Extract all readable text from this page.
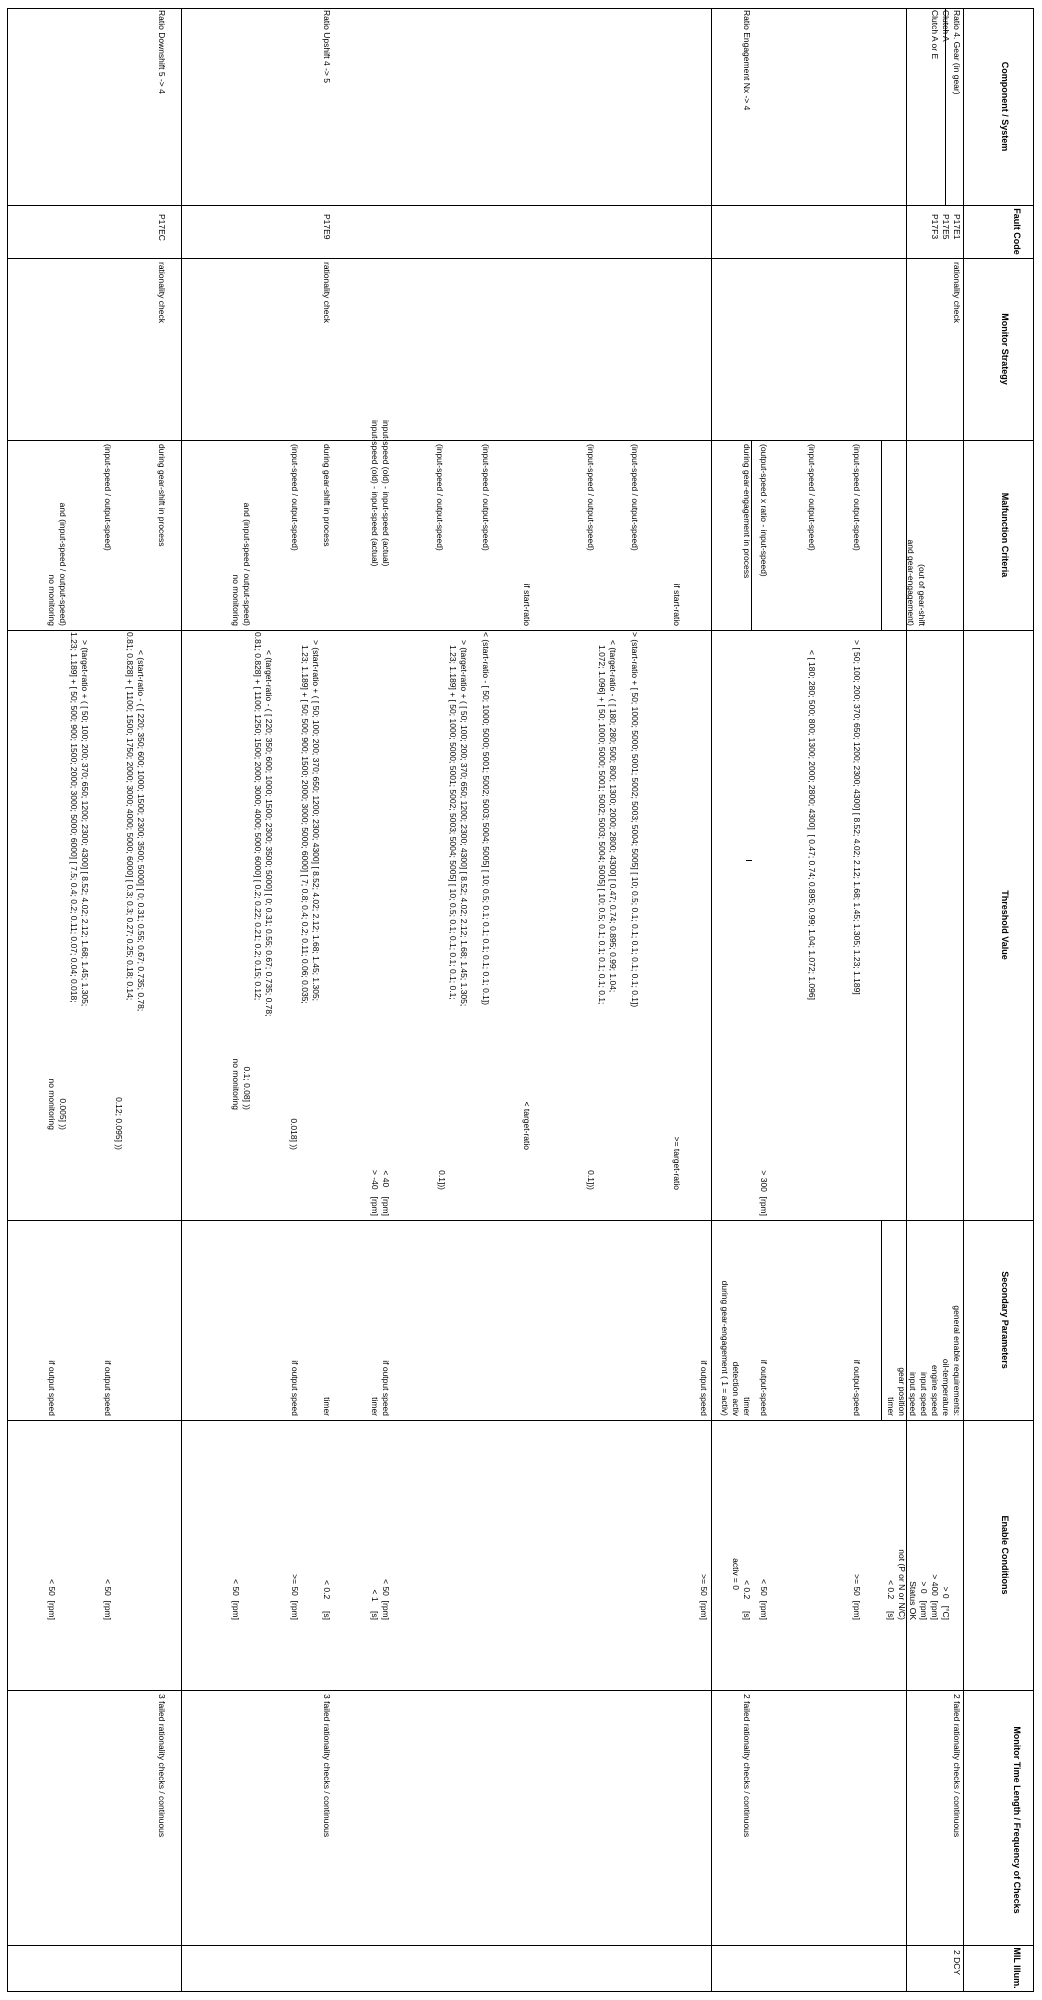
Component / System
Fault Code
Monitor Strategy
Malfunction Criteria
Threshold Value
Secondary Parameters
Enable Conditions
Monitor Time Length / Frequency of Checks
MIL Illum.
Ratio 4. Gear (in gear)
Clutch A
Clutch A or E
P17E1
P17E5
P17F3
rationality check
(out of gear-shift
and gear-engagement)
(input-speed / output-speed)
(input-speed / output-speed)
(output-speed x ratio - input-speed)
> [ 50; 100; 200; 370; 650; 1200; 2300; 4300] [ 8.52; 4.02; 2.12; 1.68; 1.45; 1.305; 1.23; 1.189]
< [ 180; 280; 500; 800; 1300; 2000; 2800; 4300]  [ 0.47; 0.74; 0.895; 0.99; 1.04; 1.072; 1.096]
> 300  [rpm]
general enable requirements:
oil-temperature
engine speed
input speed
input speed
gear position
timer
if output-speed
if output-speed
> 0   [°C]
> 400  [rpm]
> 0   [rpm]
Status OK
not (P or N or N/C)
< 0.2     [s]
>= 50  [rpm]
< 50  [rpm]
2 failed rationality checks / continuous
2 DCY
Ratio Engagement Nx -> 4
during gear-engagement in process
if start-ratio
(input-speed / output-speed)
(input-speed / output-speed)
if start-ratio
(input-speed / output-speed)
(input-speed / output-speed)
input-speed (old) - input-speed (actual)
input-speed (old) - input-speed (actual)
>= target-ratio
> (start-ratio + [ 50; 1000; 5000; 5001; 5002; 5003; 5004; 5005] [ 10; 0.5; 0.1; 0.1; 0.1; 0.1; 0.1; 0.1])
< (target-ratio - ( [ 180; 280; 500; 800; 1300; 2000; 2800; 4300] [ 0.47; 0.74; 0.895; 0.99; 1.04;
1.072; 1.096] + [ 50; 1000; 5000; 5001; 5002; 5003; 5004; 5005] [ 10; 0.5; 0.1; 0.1; 0.1; 0.1; 0.1;
0.1]))
< target-ratio
< (start-ratio - [ 50; 1000; 5000; 5001; 5002; 5003; 5004; 5005] [ 10; 0.5; 0.1; 0.1; 0.1; 0.1; 0.1; 0.1])
> (target-ratio + ( [ 50; 100; 200; 370; 650; 1200; 2300; 4300] [ 8.52; 4.02; 2.12; 1.68; 1.45; 1.305;
1.23; 1.189] + [ 50; 1000; 5000; 5001; 5002; 5003; 5004; 5005] [ 10; 0.5; 0.1; 0.1; 0.1; 0.1; 0.1;
0.1]))
< 40    [rpm]
> -40   [rpm]
timer
detection activ
during gear-engagement ( 1 = activ)
if output speed
if output speed
timer
< 0.2     [s]
activ = 0
>= 50  [rpm]
< 50  [rpm]
< 1    [s]
2 failed rationality checks / continuous
Ratio Upshift 4 -> 5
P17E9
rationality check
during gear-shift in process
(input-speed / output-speed)
and (input-speed / output-speed)
no monitoring
> (start-ratio + ( [ 50; 100; 200; 370; 650; 1200; 2300; 4300] [ 8.52; 4.02; 2.12; 1.68; 1.45; 1.305;
1.23; 1.189] + [ 50; 500; 900; 1500; 2000; 3000; 5000; 6000] [ 7; 0.8; 0.4; 0.2; 0.11; 0.06; 0.035;
0.018] ))
< (target-ratio - ( [ 220; 350; 600; 1000; 1500; 2300; 3500; 5000] [ 0; 0.31; 0.55; 0.67; 0.735; 0.78;
0.81; 0.828] + [ 1100; 1250; 1500; 2000; 3000; 4000; 5000; 6000] [ 0.2; 0.22; 0.21; 0.2; 0.15; 0.12;
0.1; 0.08] ))
no monitoring
timer
if output speed
< 0.2     [s]
>= 50  [rpm]
< 50  [rpm]
3 failed rationality checks / continuous
Ratio Downshift 5 -> 4
P17EC
rationality check
during gear-shift in process
(input-speed / output-speed)
and (input-speed / output-speed)
no monitoring
< (start-ratio - ( [ 220; 350; 600; 1000; 1500; 2300; 3500; 5000] [ 0; 0.31; 0.55; 0.67; 0.735; 0.78;
0.81; 0.828] + [ 1100; 1500; 1750; 2000; 3000; 4000; 5000; 6000] [ 0.3; 0.3; 0.27; 0.25; 0.18; 0.14;
0.12; 0.095] ))
> (target-ratio + ( [ 50; 100; 200; 370; 650; 1200; 2300; 4300] [ 8.52; 4.02; 2.12; 1.68; 1.45; 1.305;
1.23; 1.189] + [ 50; 500; 900; 1500; 2000; 3000; 5000; 6000] [ 7.5; 0.4; 0.2; 0.11; 0.07; 0.04; 0.018;
0.005] ))
no monitoring
if output speed
if output speed
< 50  [rpm]
< 50  [rpm]
3 failed rationality checks / continuous
